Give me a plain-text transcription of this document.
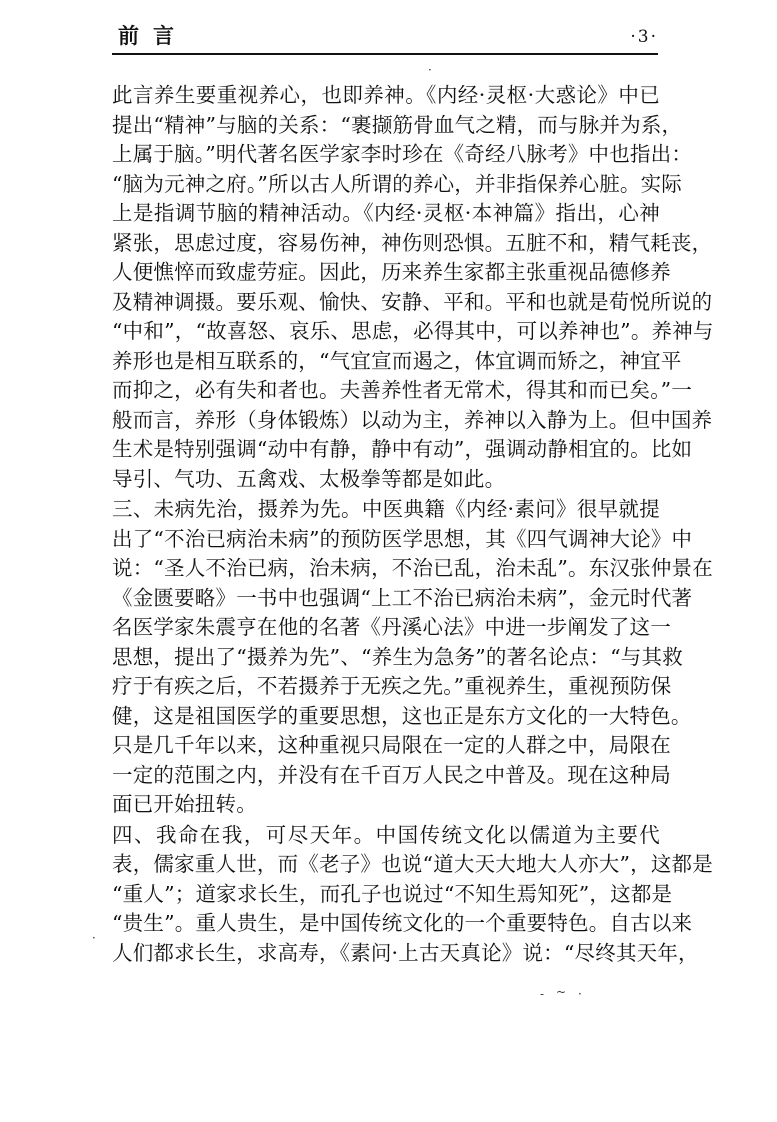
前言	·3·
此言养生要重视养心，也即养神。《内经·灵枢·大惑论》中已
提出“精神”与脑的关系：“裹撷筋骨血气之精，而与脉并为系，
上属于脑。”明代著名医学家李时珍在《奇经八脉考》中也指出：
“脑为元神之府。”所以古人所谓的养心，并非指保养心脏。实际
上是指调节脑的精神活动。《内经·灵枢·本神篇》指出，心神
紧张，思虑过度，容易伤神，神伤则恐惧。五脏不和，精气耗丧，
人便憔悴而致虚劳症。因此，历来养生家都主张重视品德修养
及精神调摄。要乐观、愉快、安静、平和。平和也就是荀悦所说的
“中和”，“故喜怒、哀乐、思虑，必得其中，可以养神也”。养神与
养形也是相互联系的，“气宜宣而遏之，体宜调而矫之，神宜平
而抑之，必有失和者也。夫善养性者无常术，得其和而已矣。”一
般而言，养形（身体锻炼）以动为主，养神以入静为上。但中国养
生术是特别强调“动中有静，静中有动”，强调动静相宜的。比如
导引、气功、五禽戏、太极拳等都是如此。
三、未病先治，摄养为先。中医典籍《内经·素问》很早就提
出了“不治已病治未病”的预防医学思想，其《四气调神大论》中
说：“圣人不治已病，治未病，不治已乱，治未乱”。东汉张仲景在
《金匮要略》一书中也强调“上工不治已病治未病”，金元时代著
名医学家朱震亨在他的名著《丹溪心法》中进一步阐发了这一
思想，提出了“摄养为先”、“养生为急务”的著名论点：“与其救
疗于有疾之后，不若摄养于无疾之先。”重视养生，重视预防保
健，这是祖国医学的重要思想，这也正是东方文化的一大特色。
只是几千年以来，这种重视只局限在一定的人群之中，局限在
一定的范围之内，并没有在千百万人民之中普及。现在这种局
面已开始扭转。
四、我命在我，可尽天年。中国传统文化以儒道为主要代
表，儒家重人世，而《老子》也说“道大天大地大人亦大”，这都是
“重人”；道家求长生，而孔子也说过“不知生焉知死”，这都是
“贵生”。重人贵生，是中国传统文化的一个重要特色。自古以来
人们都求长生，求高寿，《素问·上古天真论》说：“尽终其天年，
·
·
- ~ ·
